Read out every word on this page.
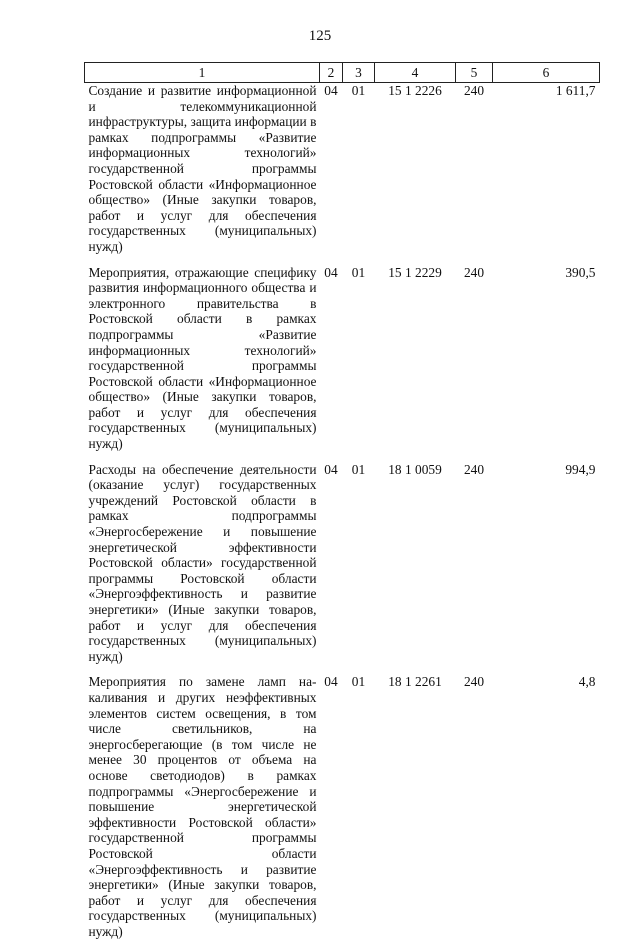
125
1	2	3	4	5	6
Создание и развитие информационной и телекоммуникационной инфраструктуры, защита информации в рамках подпрограммы «Развитие информационных технологий» государственной программы Ростовской области «Информационное общество» (Иные закупки товаров, работ и услуг для обеспечения государственных (муниципальных) нужд)	04	01	15 1 2226	240	1 611,7
Мероприятия, отражающие специфику развития информационного общества и электронного правительства в Ростовской области в рамках подпрограммы «Развитие информационных технологий» государственной программы Ростовской области «Информационное общество» (Иные закупки товаров, работ и услуг для обеспечения государственных (муниципальных) нужд)	04	01	15 1 2229	240	390,5
Расходы на обеспечение деятельности (оказание услуг) государственных учреждений Ростовской области в рамках подпрограммы «Энергосбережение и повышение энергетической эффективности Ростовской области» государственной программы Ростовской области «Энергоэффективность и развитие энергетики» (Иные закупки товаров, работ и услуг для обеспечения государственных (муниципальных) нужд)	04	01	18 1 0059	240	994,9
Мероприятия по замене ламп накаливания и других неэффективных элементов систем освещения, в том числе светильников, на энергосберегающие (в том числе не менее 30 процентов от объема на основе светодиодов) в рамках подпрограммы «Энергосбережение и повышение энергетической эффективности Ростовской области» государственной программы Ростовской области «Энергоэффективность и развитие энергетики» (Иные закупки товаров, работ и услуг для обеспечения государственных (муниципальных) нужд)	04	01	18 1 2261	240	4,8
